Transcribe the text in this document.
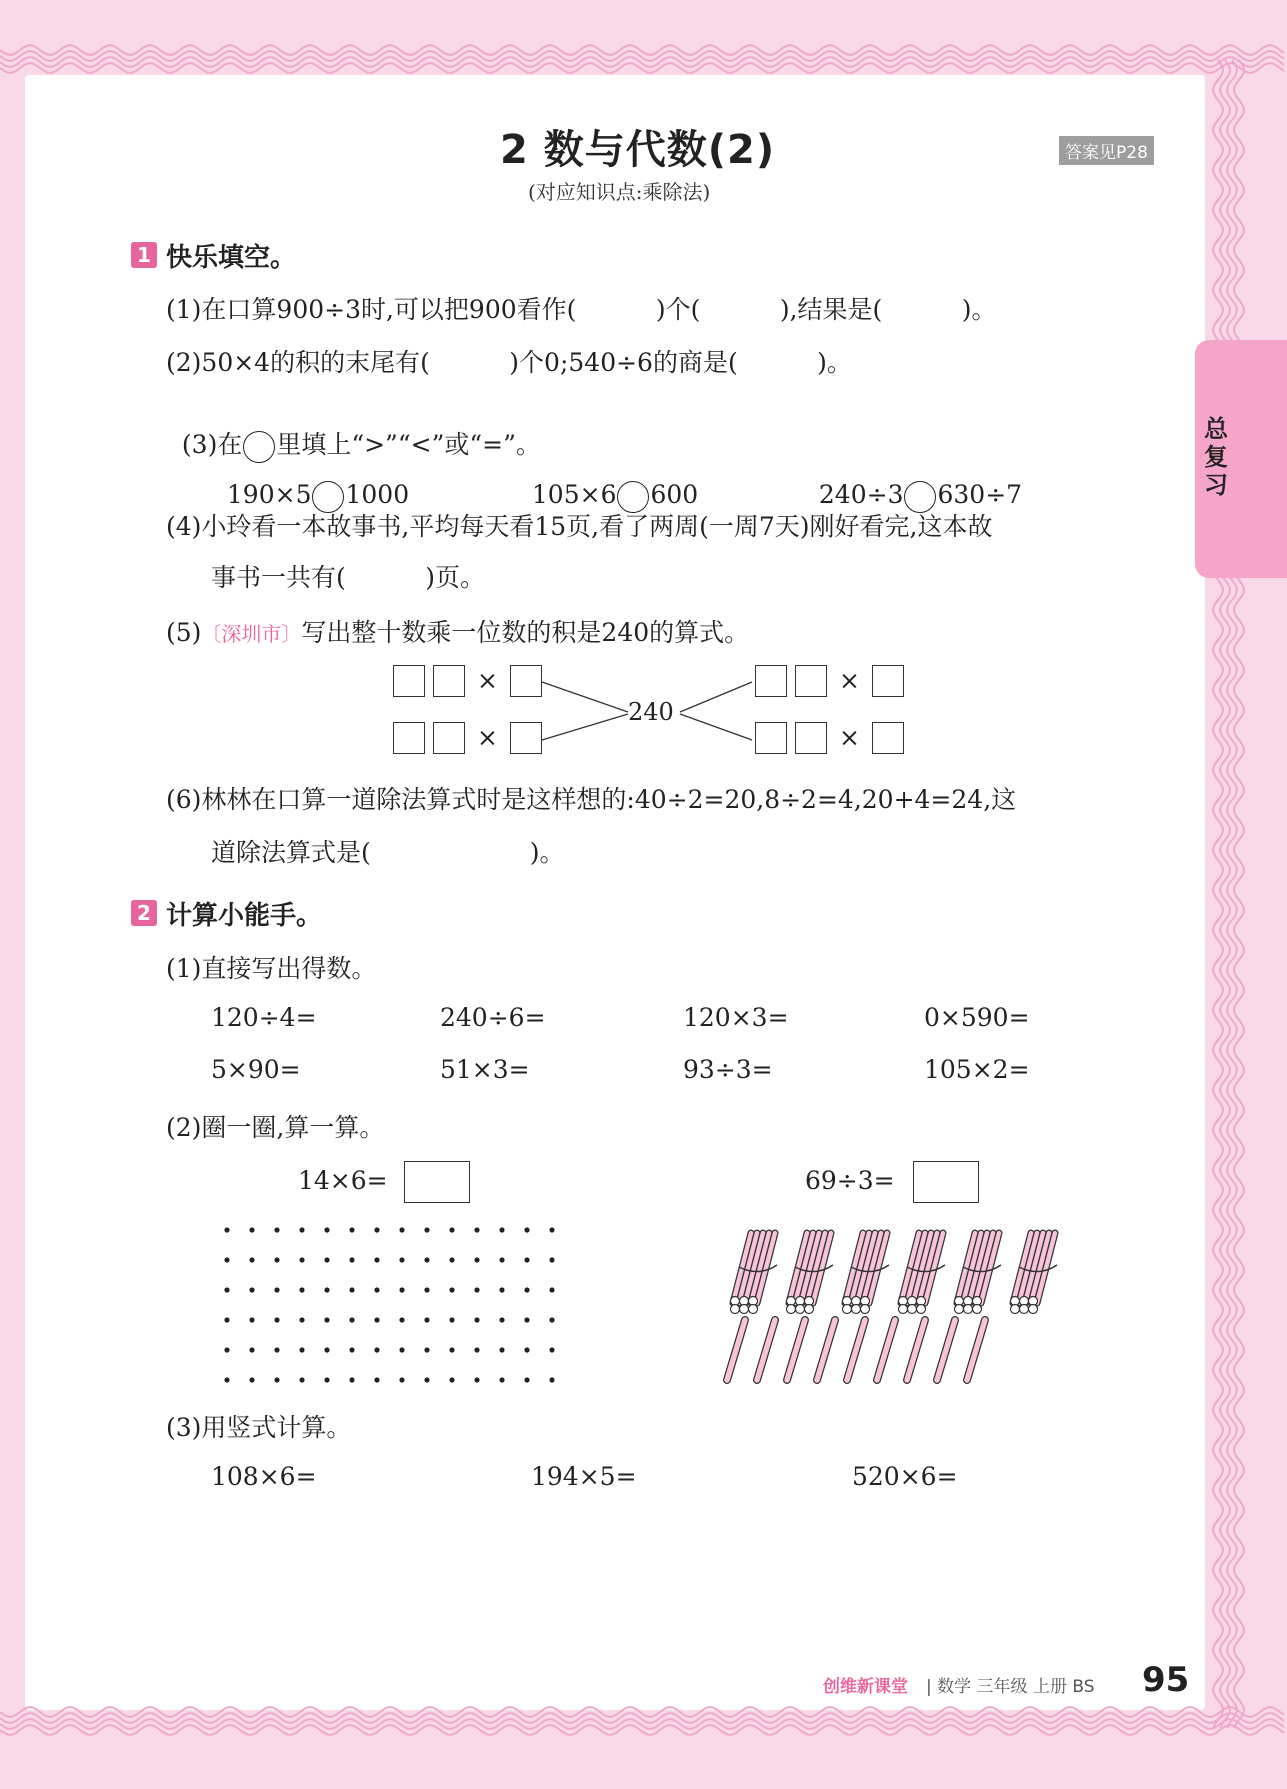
2 数与代数(2)	答案见P28
(对应知识点:乘除法)
总复习
1 快乐填空。
(1)在口算900÷3时,可以把900看作(          )个(          ),结果是(          )。
(2)50×4的积的末尾有(          )个0;540÷6的商是(          )。

(3)在 里填上“>”“<”或“=”。

190×5 1000	105×6 600	240÷3 630÷7

(4)小玲看一本故事书,平均每天看15页,看了两周(一周7天)刚好看完,这本故
事书一共有(          )页。
(5)〔深圳市〕写出整十数乘一位数的积是240的算式。
240
×
×
×
×
(6)林林在口算一道除法算式时是这样想的:40÷2=20,8÷2=4,20+4=24,这
道除法算式是(                    )。
2 计算小能手。
(1)直接写出得数。
120÷4=	240÷6=	120×3=	0×590=
5×90=	51×3=	93÷3=	105×2=
(2)圈一圈,算一算。
14×6=	69÷3=
(3)用竖式计算。
108×6=	194×5=	520×6=
创维新课堂 | 数学 三年级 上册 BS 95
